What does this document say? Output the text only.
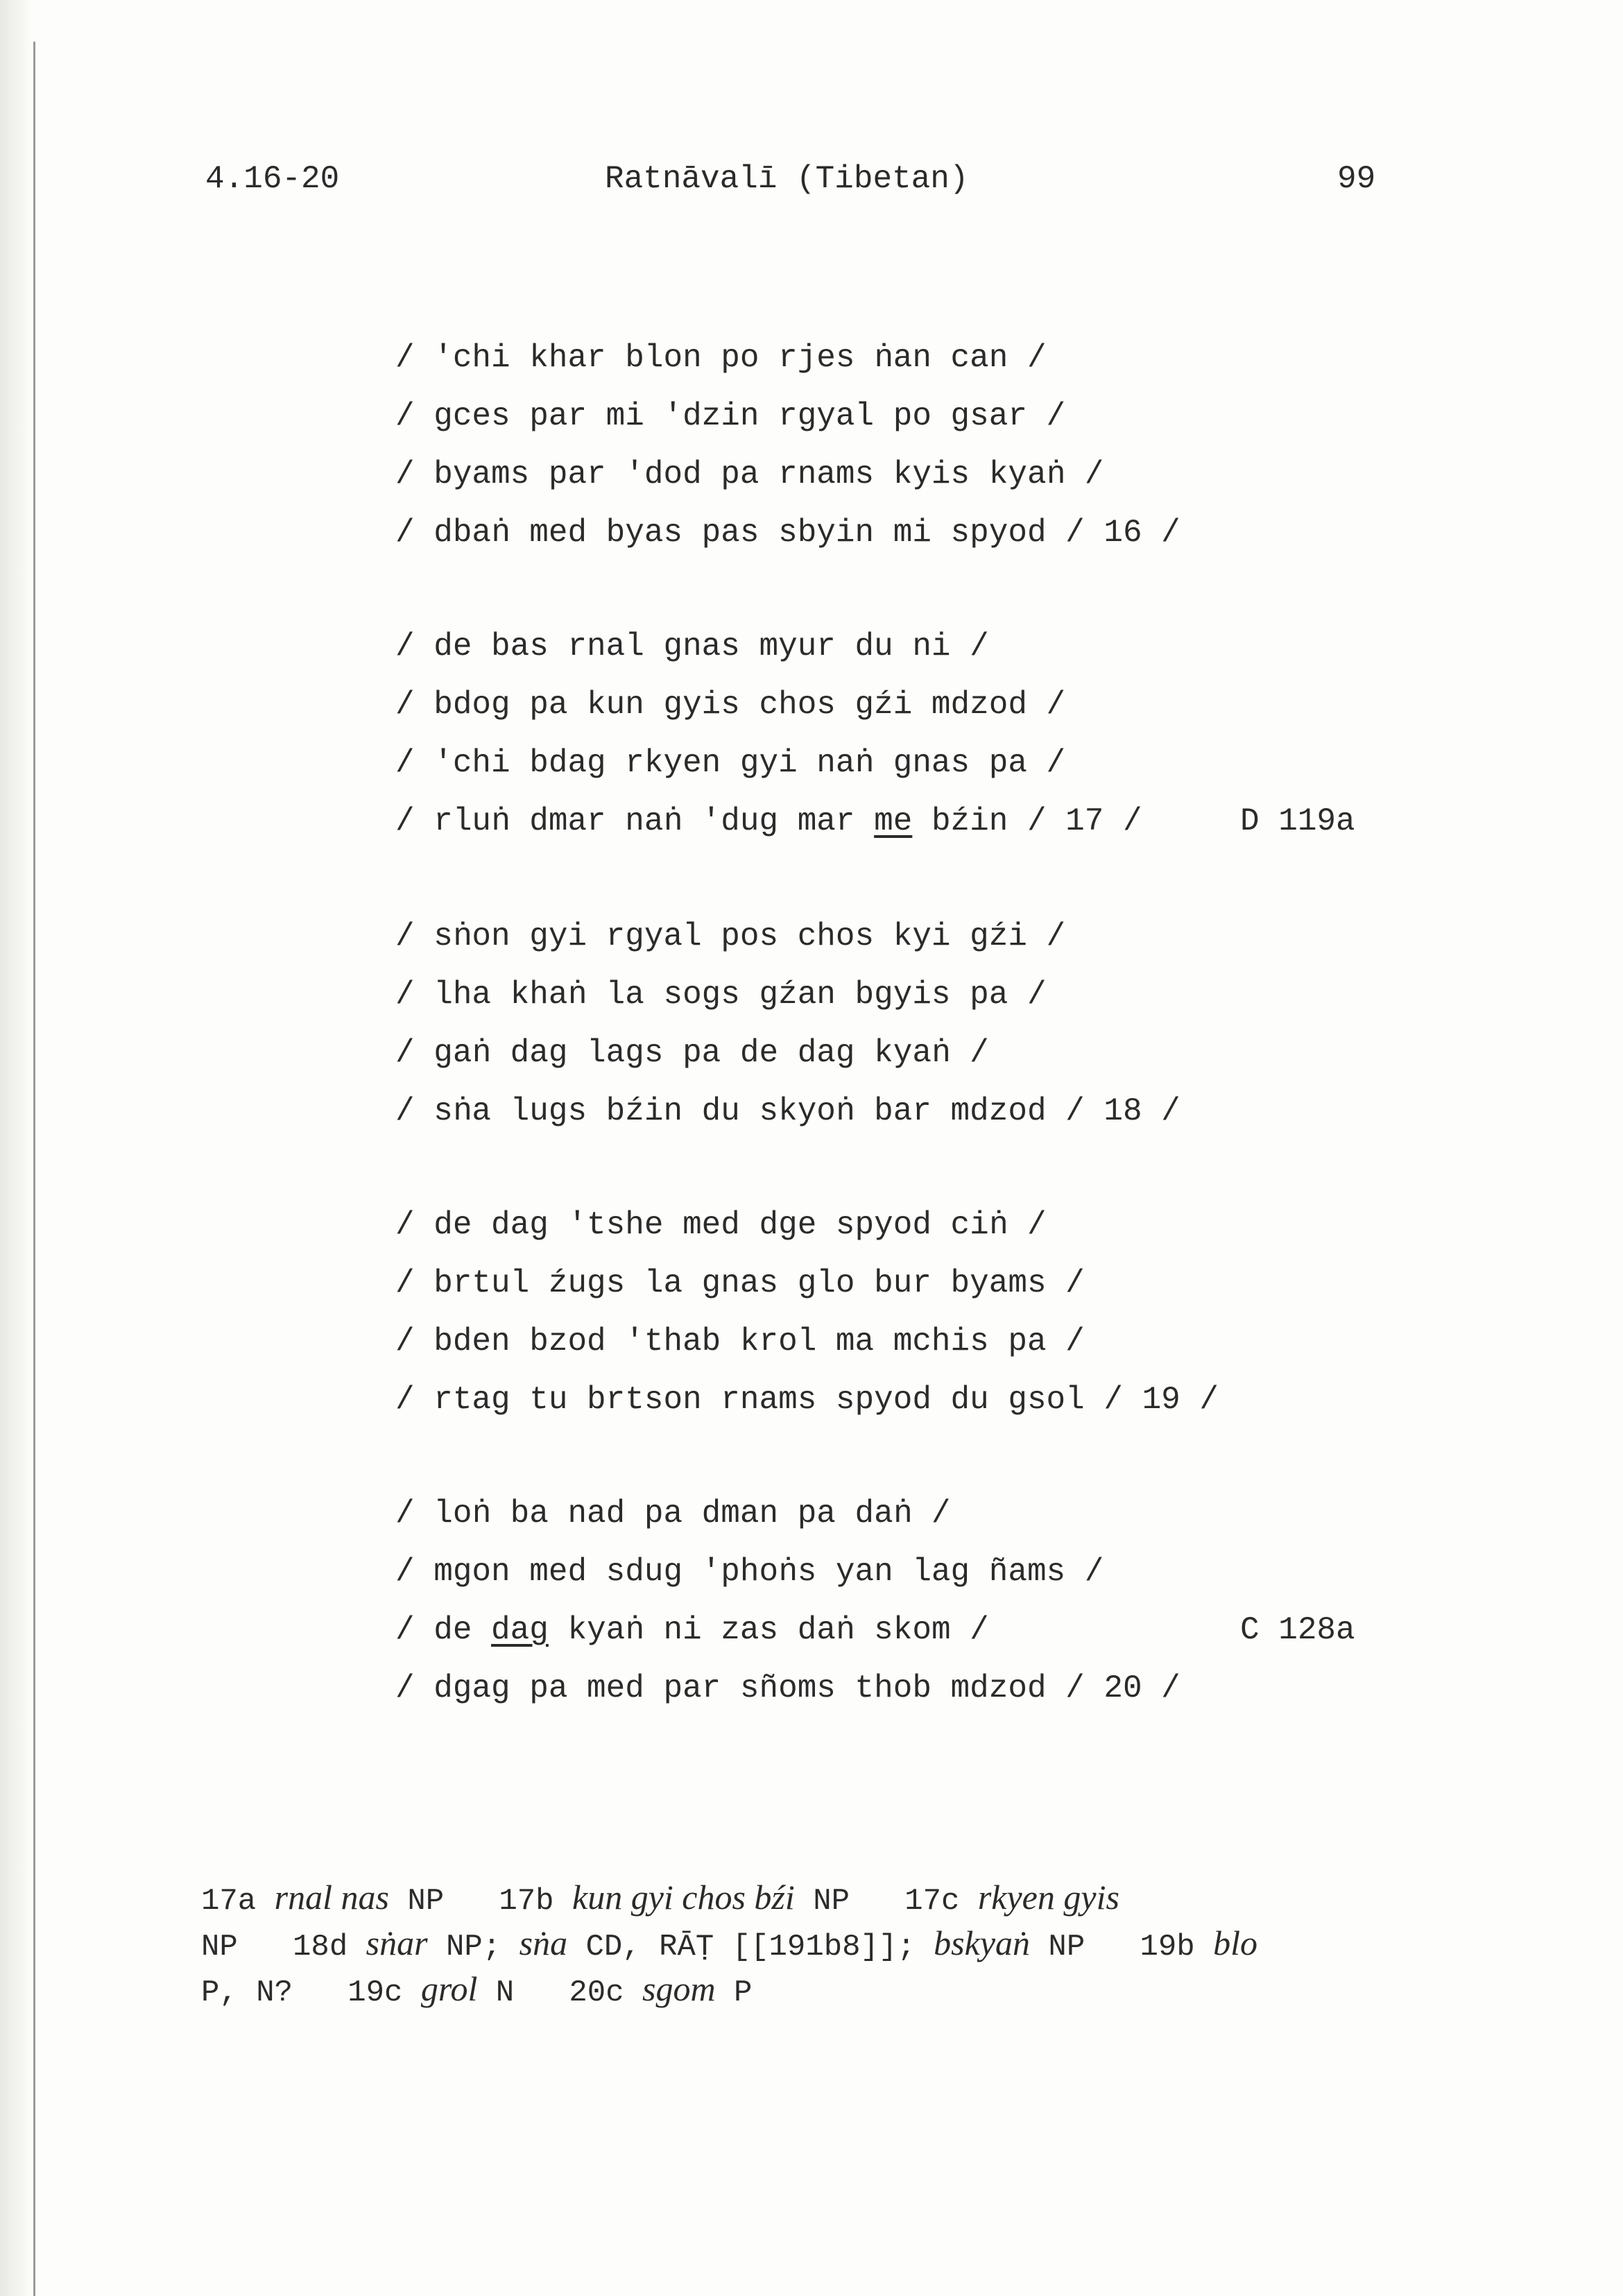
4.16-20	Ratnāvalī (Tibetan)	99
/ 'chi khar blon po rjes ṅan can /
/ gces par mi 'dzin rgyal po gsar /
/ byams par 'dod pa rnams kyis kyaṅ /
/ dbaṅ med byas pas sbyin mi spyod / 16 /
/ de bas rnal gnas myur du ni /
/ bdog pa kun gyis chos gźi mdzod /
/ 'chi bdag rkyen gyi naṅ gnas pa /
/ rluṅ dmar naṅ 'dug mar me bźin / 17 /	D 119a
/ sṅon gyi rgyal pos chos kyi gźi /
/ lha khaṅ la sogs gźan bgyis pa /
/ gaṅ dag lags pa de dag kyaṅ /
/ sṅa lugs bźin du skyoṅ bar mdzod / 18 /
/ de dag 'tshe med dge spyod ciṅ /
/ brtul źugs la gnas glo bur byams /
/ bden bzod 'thab krol ma mchis pa /
/ rtag tu brtson rnams spyod du gsol / 19 /
/ loṅ ba nad pa dman pa daṅ /
/ mgon med sdug 'phoṅs yan lag ñams /
/ de dag kyaṅ ni zas daṅ skom /
/ dgag pa med par sñoms thob mdzod / 20 /
C 128a
17a rnal nas NP 17b kun gyi chos bźi NP 17c rkyen gyis
NP 18d sṅar NP; sṅa CD, RĀṬ [[191b8]]; bskyaṅ NP 19b blo
P, N? 19c grol N 20c sgom P
